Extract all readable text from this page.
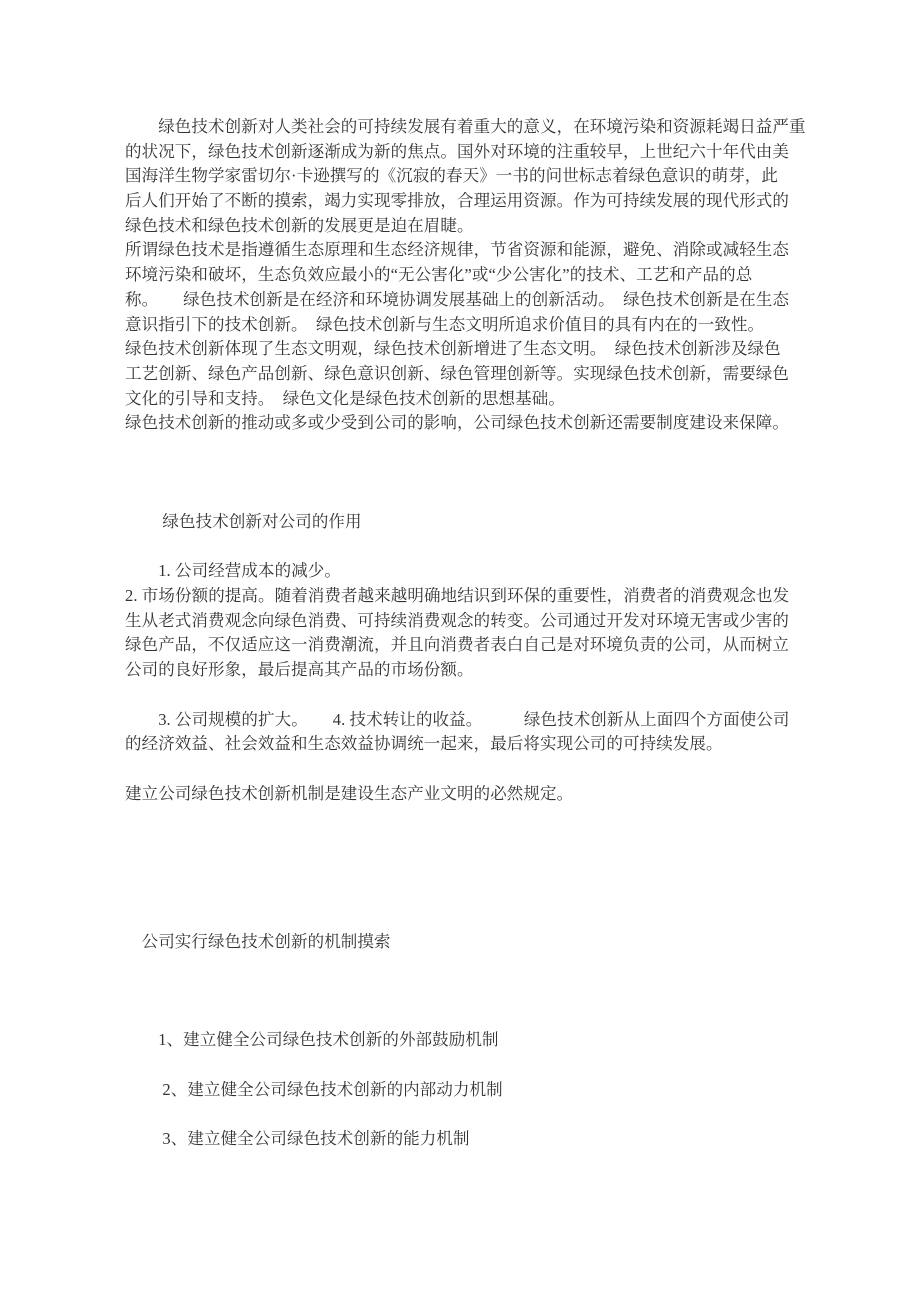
　　绿色技术创新对人类社会的可持续发展有着重大的意义，在环境污染和资源耗竭日益严重
的状况下，绿色技术创新逐渐成为新的焦点。国外对环境的注重较早，上世纪六十年代由美
国海洋生物学家雷切尔·卡逊撰写的《沉寂的春天》一书的问世标志着绿色意识的萌芽，此
后人们开始了不断的摸索，竭力实现零排放，合理运用资源。作为可持续发展的现代形式的
绿色技术和绿色技术创新的发展更是迫在眉睫。
所谓绿色技术是指遵循生态原理和生态经济规律，节省资源和能源，避免、消除或减轻生态
环境污染和破坏，生态负效应最小的“无公害化”或“少公害化”的技术、工艺和产品的总
称。　　绿色技术创新是在经济和环境协调发展基础上的创新活动。　绿色技术创新是在生态
意识指引下的技术创新。　绿色技术创新与生态文明所追求价值目的具有内在的一致性。
绿色技术创新体现了生态文明观，绿色技术创新增进了生态文明。　绿色技术创新涉及绿色
工艺创新、绿色产品创新、绿色意识创新、绿色管理创新等。实现绿色技术创新，需要绿色
文化的引导和支持。　绿色文化是绿色技术创新的思想基础。
绿色技术创新的推动或多或少受到公司的影响，公司绿色技术创新还需要制度建设来保障。

　　 绿色技术创新对公司的作用

　　1. 公司经营成本的减少。
2. 市场份额的提高。随着消费者越来越明确地结识到环保的重要性，消费者的消费观念也发
生从老式消费观念向绿色消费、可持续消费观念的转变。公司通过开发对环境无害或少害的
绿色产品，不仅适应这一消费潮流，并且向消费者表白自己是对环境负责的公司，从而树立
公司的良好形象，最后提高其产品的市场份额。

　　3. 公司规模的扩大。　　4. 技术转让的收益。　　　绿色技术创新从上面四个方面使公司
的经济效益、社会效益和生态效益协调统一起来，最后将实现公司的可持续发展。

建立公司绿色技术创新机制是建设生态产业文明的必然规定。

　公司实行绿色技术创新的机制摸索

　　1、建立健全公司绿色技术创新的外部鼓励机制

　　 2、建立健全公司绿色技术创新的内部动力机制

　　 3、建立健全公司绿色技术创新的能力机制
